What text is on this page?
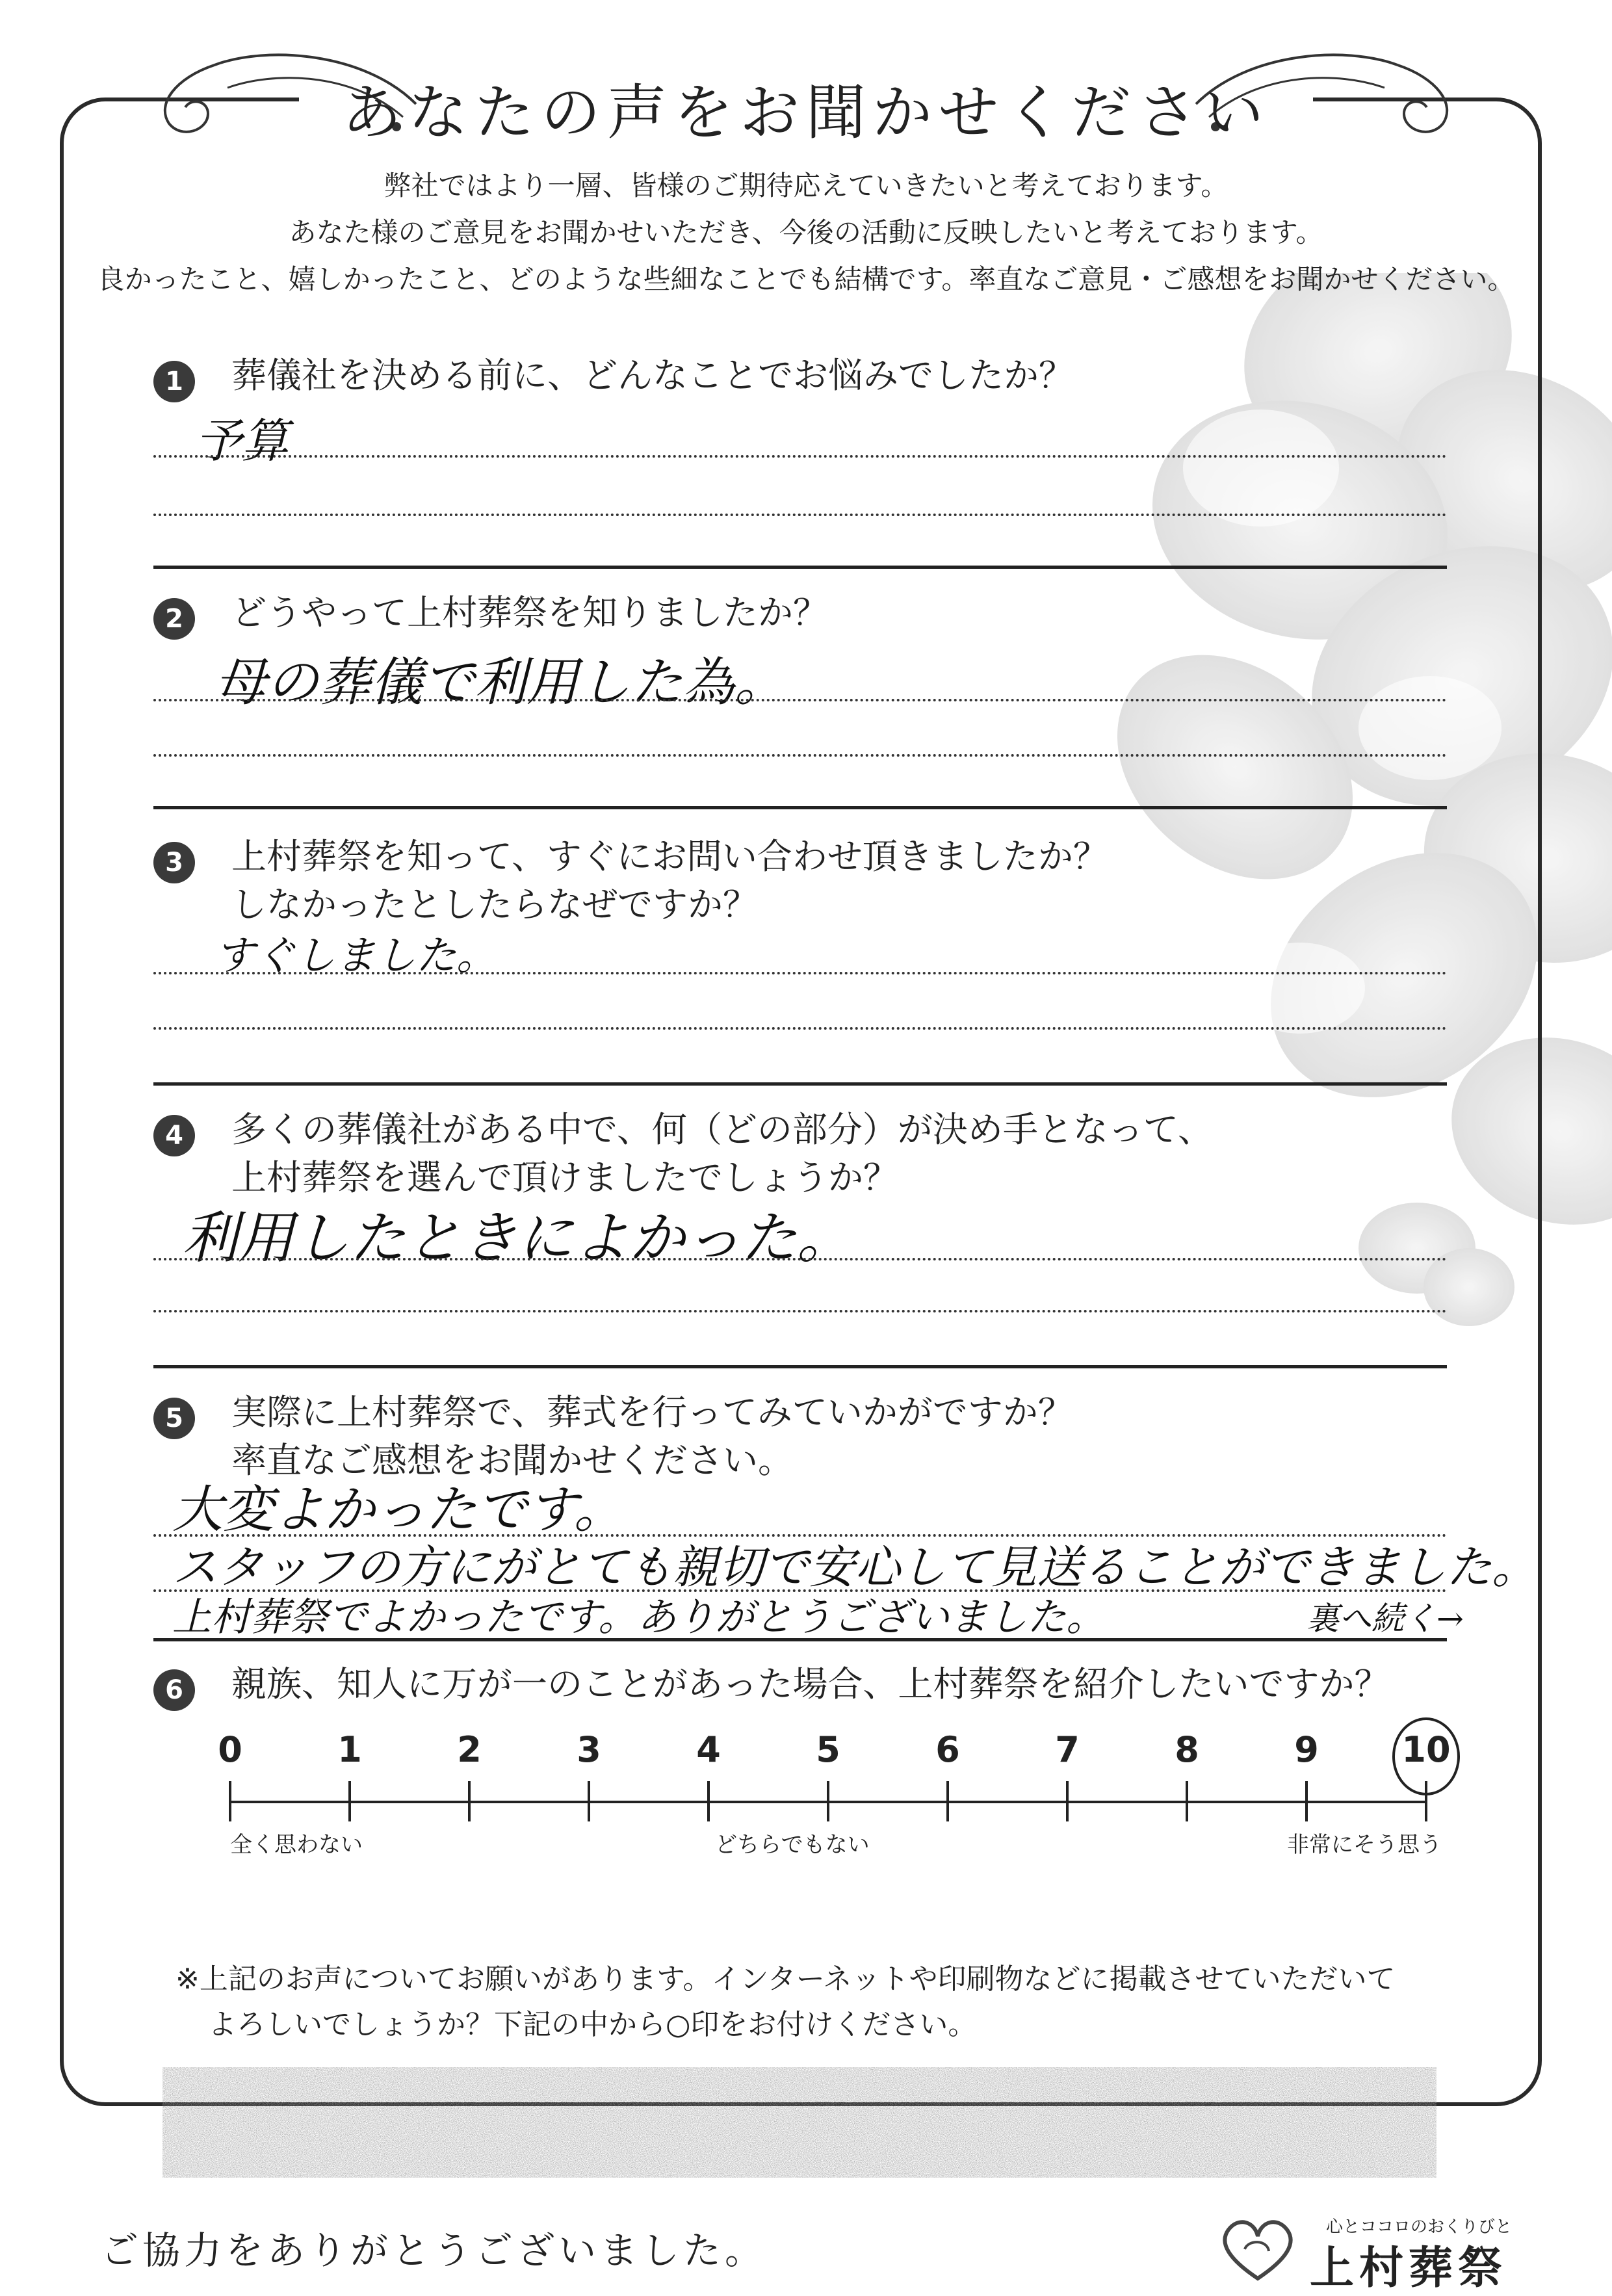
あなたの声をお聞かせください
弊社ではより一層、皆様のご期待応えていきたいと考えております。
あなた様のご意見をお聞かせいただき、今後の活動に反映したいと考えております。
良かったこと、嬉しかったこと、どのような些細なことでも結構です。率直なご意見・ご感想をお聞かせください。
1	葬儀社を決める前に、どんなことでお悩みでしたか？
予算
2	どうやって上村葬祭を知りましたか？
母の葬儀で利用した為。
3	上村葬祭を知って、すぐにお問い合わせ頂きましたか？
しなかったとしたらなぜですか？
すぐしました。
4	多くの葬儀社がある中で、何（どの部分）が決め手となって、
上村葬祭を選んで頂けましたでしょうか？
利用したときによかった。
5	実際に上村葬祭で、葬式を行ってみていかがですか？
率直なご感想をお聞かせください。
大変よかったです。
スタッフの方にがとても親切で安心して見送ることができました。
上村葬祭でよかったです。ありがとうございました。	裏へ続く→
6	親族、知人に万が一のことがあった場合、上村葬祭を紹介したいですか？
0	1	2	3	4	5	6	7	8	9	10
全く思わない	どちらでもない	非常にそう思う
※上記のお声についてお願いがあります。インターネットや印刷物などに掲載させていただいて
よろしいでしょうか？下記の中から○印をお付けください。
ご協力をありがとうございました。
心とココロのおくりびと
上村葬祭
